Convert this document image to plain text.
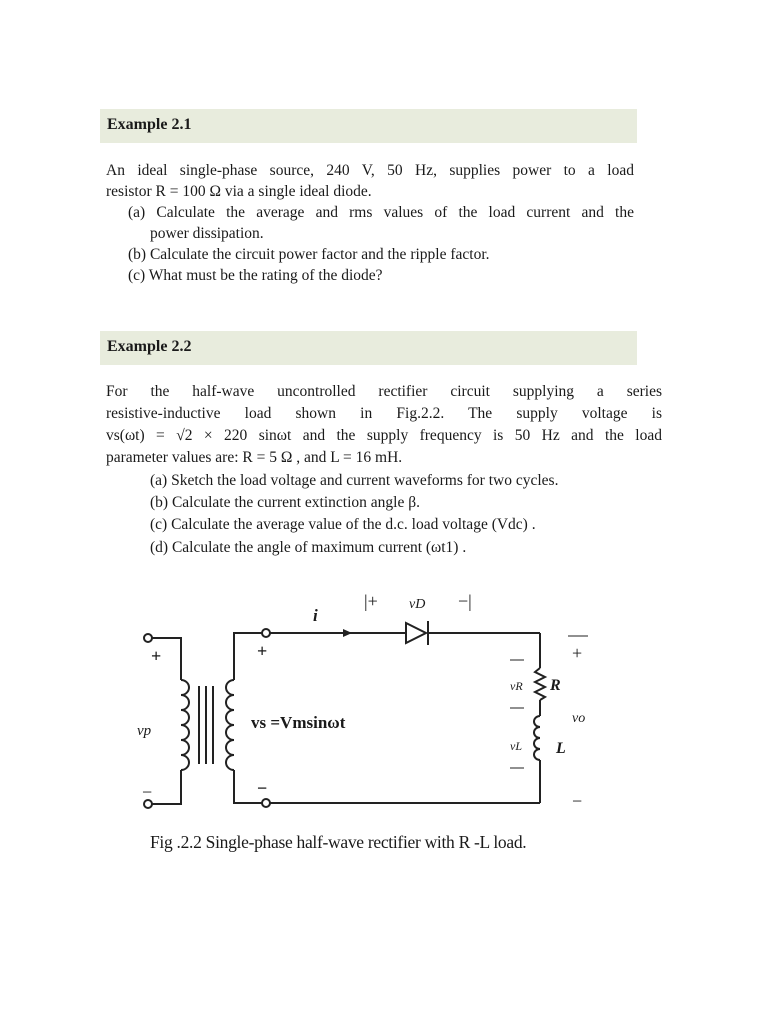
Example 2.1
An ideal single-phase source, 240 V, 50 Hz, supplies power to a load
resistor R = 100 Ω via a single ideal diode.
(a) Calculate the average and rms values of the load current and the
power dissipation.
(b) Calculate the circuit power factor and the ripple factor.
(c) What must be the rating of the diode?
Example 2.2
For the half-wave uncontrolled rectifier circuit supplying a series
resistive-inductive load shown in Fig.2.2. The supply voltage is
vs(ωt) = √2 × 220 sinωt and the supply frequency is 50 Hz and the load
parameter values are: R = 5 Ω , and L = 16 mH.
(a) Sketch the load voltage and current waveforms for two cycles.
(b) Calculate the current extinction angle β.
(c) Calculate the average value of the d.c. load voltage (Vdc) .
(d) Calculate the angle of maximum current (ωt1) .
i
|+ vD −|
+	+	+
vp	vs =Vmsinωt
R
L
vR
vL
vo
−	−
−
Fig .2.2 Single-phase half-wave rectifier with R -L load.
